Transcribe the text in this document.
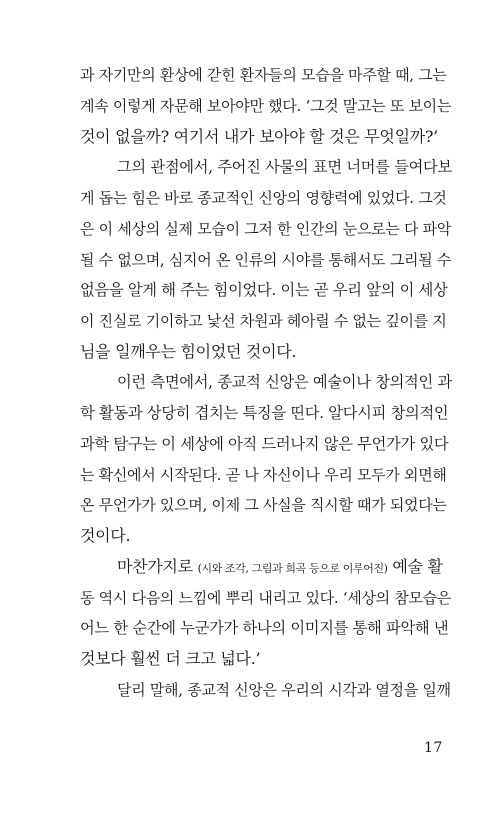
과 자기만의 환상에 갇힌 환자들의 모습을 마주할 때, 그는
계속 이렇게 자문해 보아야만 했다. ‘그것 말고는 또 보이는
것이 없을까? 여기서 내가 보아야 할 것은 무엇일까?’
그의 관점에서, 주어진 사물의 표면 너머를 들여다보
게 돕는 힘은 바로 종교적인 신앙의 영향력에 있었다. 그것
은 이 세상의 실제 모습이 그저 한 인간의 눈으로는 다 파악
될 수 없으며, 심지어 온 인류의 시야를 통해서도 그리될 수
없음을 알게 해 주는 힘이었다. 이는 곧 우리 앞의 이 세상
이 진실로 기이하고 낯선 차원과 헤아릴 수 없는 깊이를 지
님을 일깨우는 힘이었던 것이다.
이런 측면에서, 종교적 신앙은 예술이나 창의적인 과
학 활동과 상당히 겹치는 특징을 띤다. 알다시피 창의적인
과학 탐구는 이 세상에 아직 드러나지 않은 무언가가 있다
는 확신에서 시작된다. 곧 나 자신이나 우리 모두가 외면해
온 무언가가 있으며, 이제 그 사실을 직시할 때가 되었다는
것이다.
마찬가지로 (시와 조각, 그림과 희곡 등으로 이루어진) 예술 활
동 역시 다음의 느낌에 뿌리 내리고 있다. ‘세상의 참모습은
어느 한 순간에 누군가가 하나의 이미지를 통해 파악해 낸
것보다 훨씬 더 크고 넓다.’
달리 말해, 종교적 신앙은 우리의 시각과 열정을 일깨
17
